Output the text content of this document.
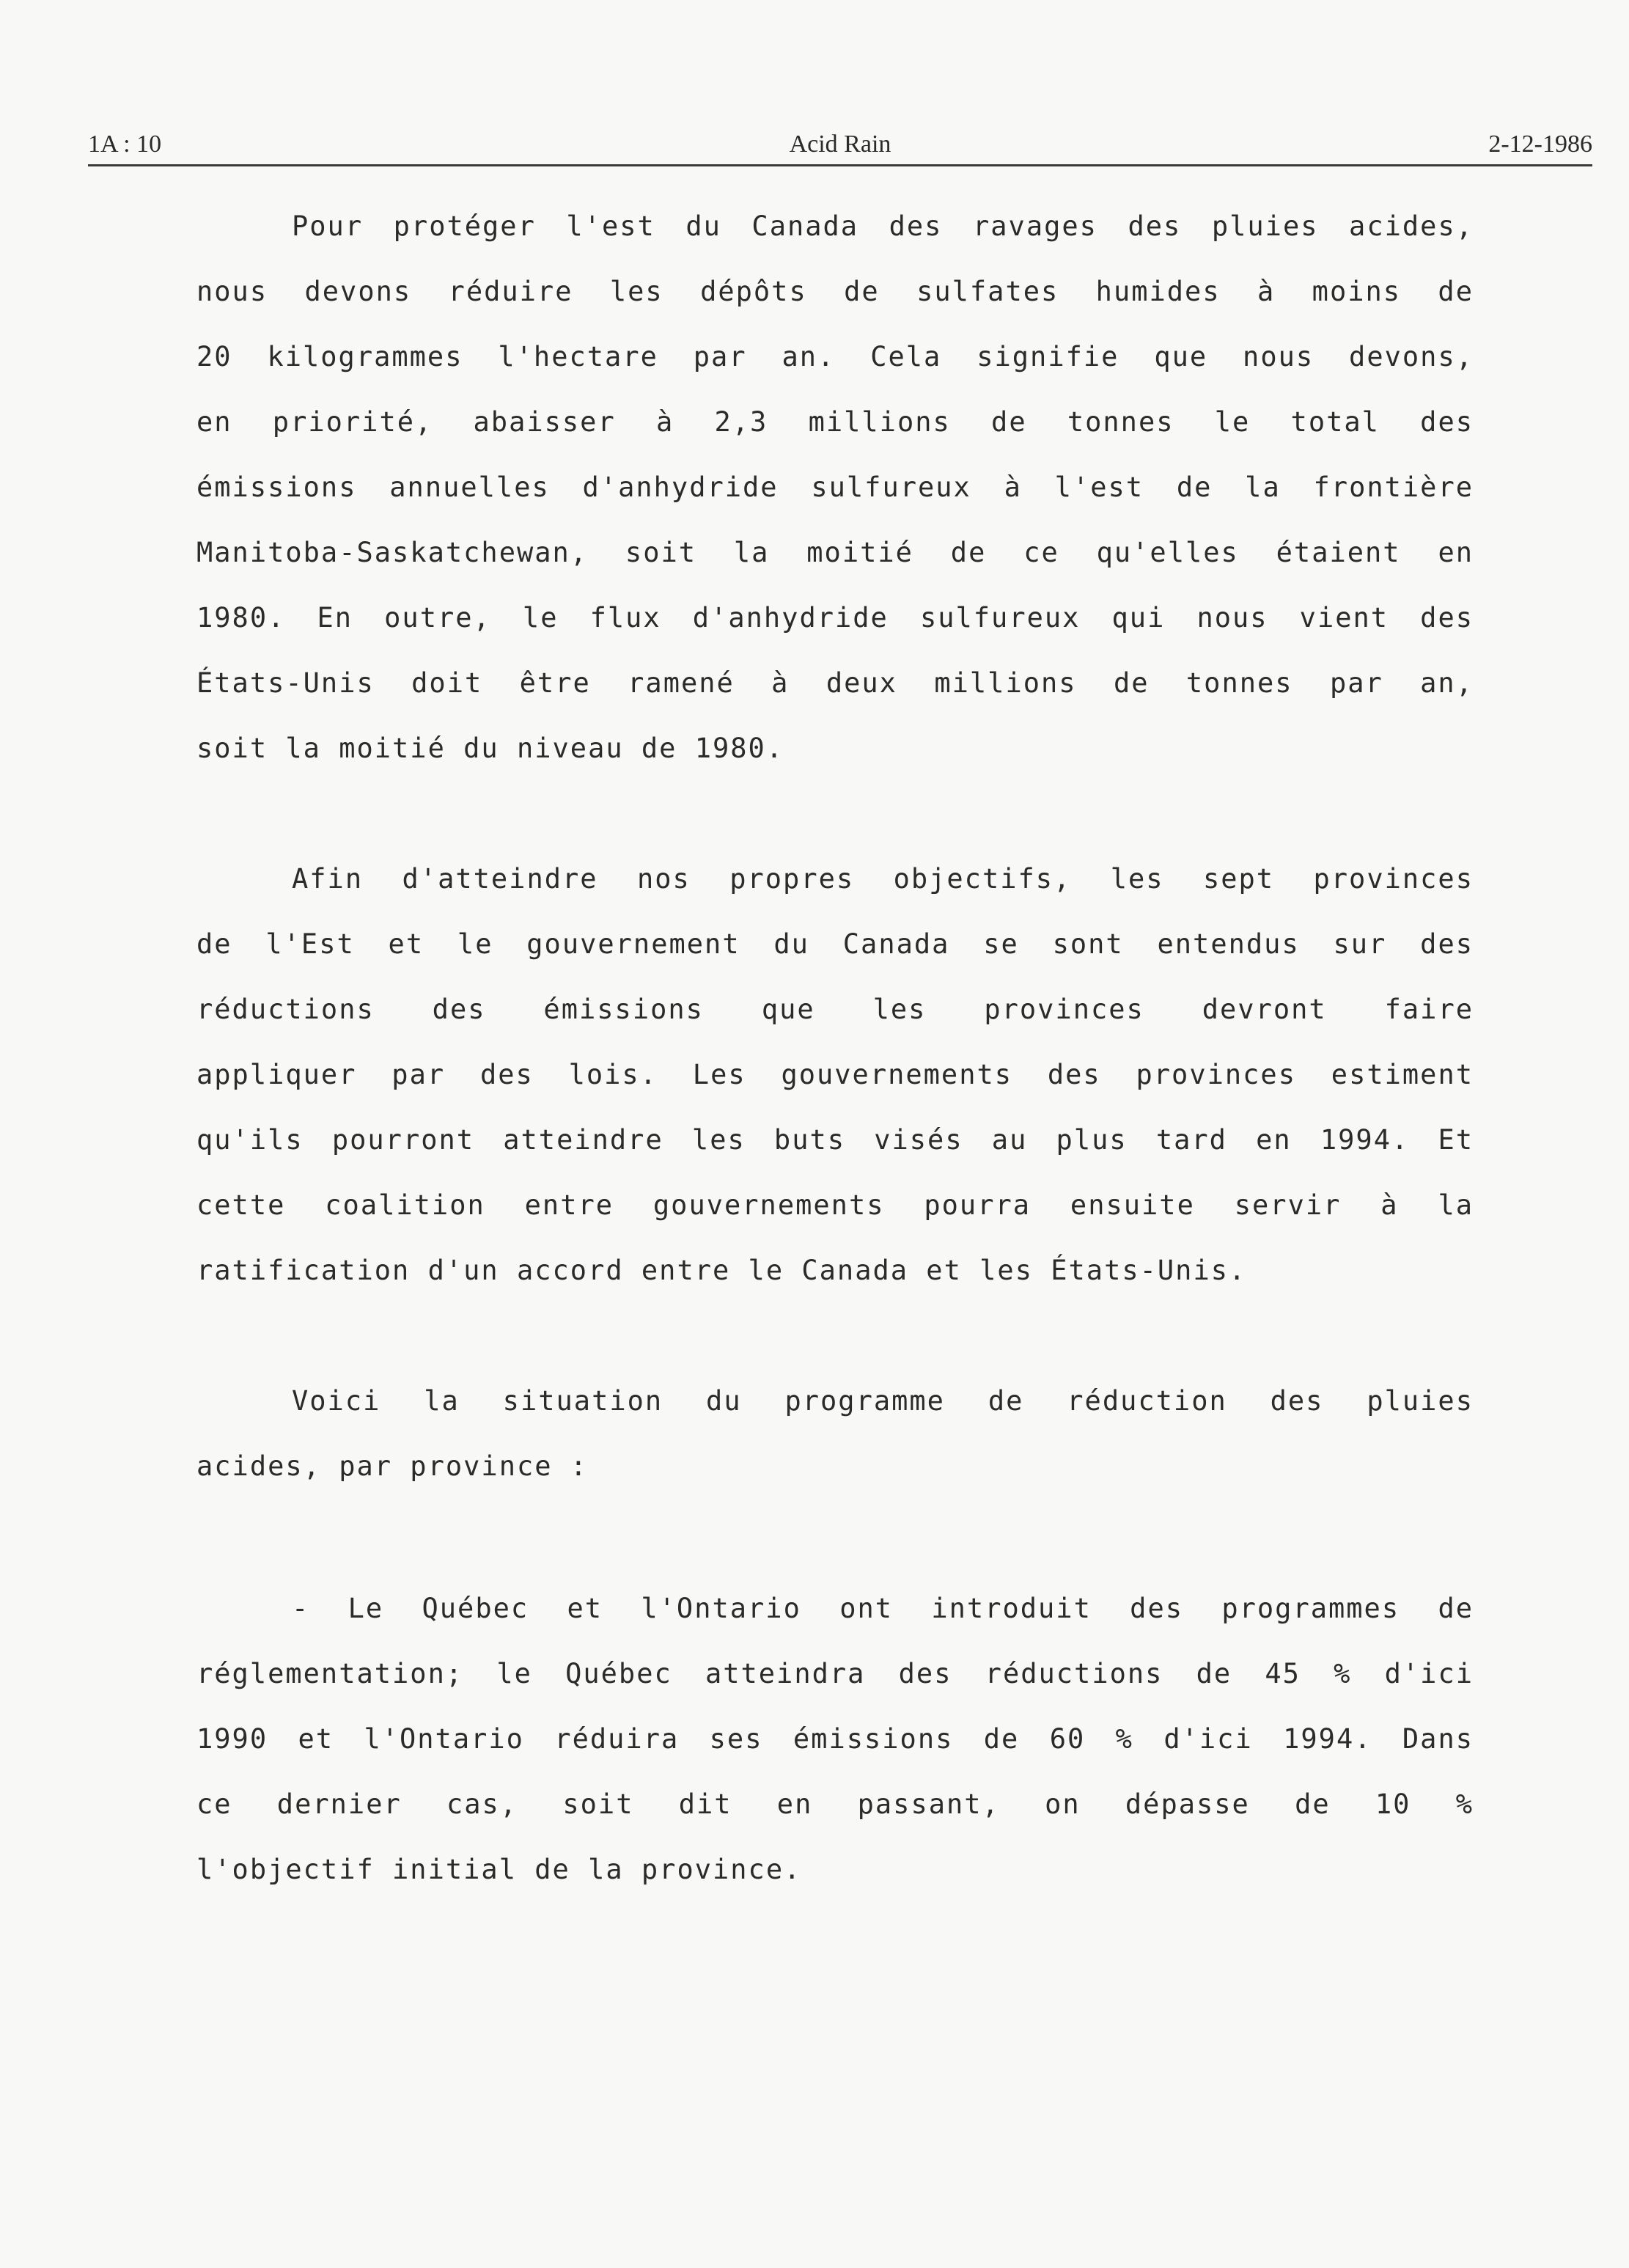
1A : 10	Acid Rain	2-12-1986
Pour protéger l'est du Canada des ravages des pluies acides,
nous devons réduire les dépôts de sulfates humides à moins de
20 kilogrammes l'hectare par an. Cela signifie que nous devons,
en priorité, abaisser à 2,3 millions de tonnes le total des
émissions annuelles d'anhydride sulfureux à l'est de la frontière
Manitoba-Saskatchewan, soit la moitié de ce qu'elles étaient en
1980. En outre, le flux d'anhydride sulfureux qui nous vient des
États-Unis doit être ramené à deux millions de tonnes par an,
soit la moitié du niveau de 1980.
Afin d'atteindre nos propres objectifs, les sept provinces
de l'Est et le gouvernement du Canada se sont entendus sur des
réductions des émissions que les provinces devront faire
appliquer par des lois. Les gouvernements des provinces estiment
qu'ils pourront atteindre les buts visés au plus tard en 1994. Et
cette coalition entre gouvernements pourra ensuite servir à la
ratification d'un accord entre le Canada et les États-Unis.
Voici la situation du programme de réduction des pluies
acides, par province :
- Le Québec et l'Ontario ont introduit des programmes de
réglementation; le Québec atteindra des réductions de 45 % d'ici
1990 et l'Ontario réduira ses émissions de 60 % d'ici 1994. Dans
ce dernier cas, soit dit en passant, on dépasse de 10 %
l'objectif initial de la province.
